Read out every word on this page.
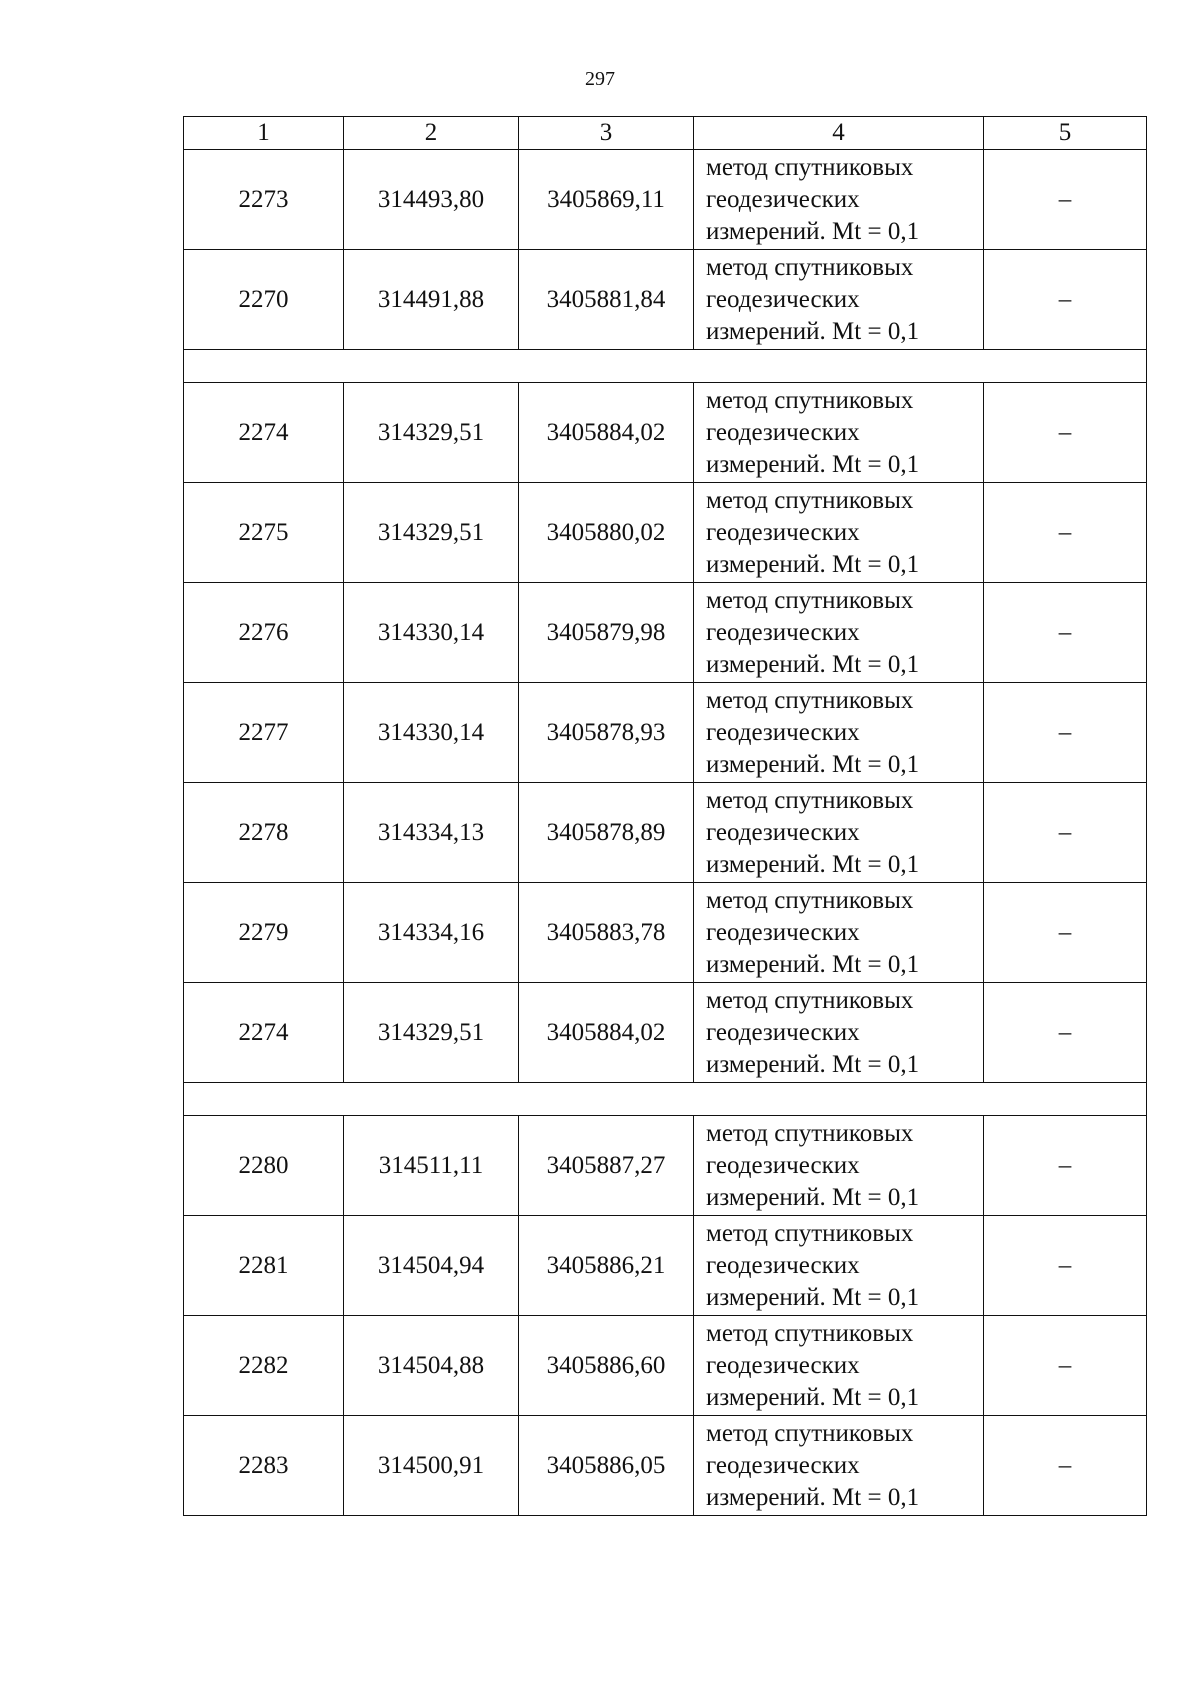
297
1	2	3	4	5
2273	314493,80	3405869,11	метод спутниковых
геодезических
измерений. Mt = 0,1	–
2270	314491,88	3405881,84	метод спутниковых
геодезических
измерений. Mt = 0,1	–

2274	314329,51	3405884,02	метод спутниковых
геодезических
измерений. Mt = 0,1	–
2275	314329,51	3405880,02	метод спутниковых
геодезических
измерений. Mt = 0,1	–
2276	314330,14	3405879,98	метод спутниковых
геодезических
измерений. Mt = 0,1	–
2277	314330,14	3405878,93	метод спутниковых
геодезических
измерений. Mt = 0,1	–
2278	314334,13	3405878,89	метод спутниковых
геодезических
измерений. Mt = 0,1	–
2279	314334,16	3405883,78	метод спутниковых
геодезических
измерений. Mt = 0,1	–
2274	314329,51	3405884,02	метод спутниковых
геодезических
измерений. Mt = 0,1	–

2280	314511,11	3405887,27	метод спутниковых
геодезических
измерений. Mt = 0,1	–
2281	314504,94	3405886,21	метод спутниковых
геодезических
измерений. Mt = 0,1	–
2282	314504,88	3405886,60	метод спутниковых
геодезических
измерений. Mt = 0,1	–
2283	314500,91	3405886,05	метод спутниковых
геодезических
измерений. Mt = 0,1	–
